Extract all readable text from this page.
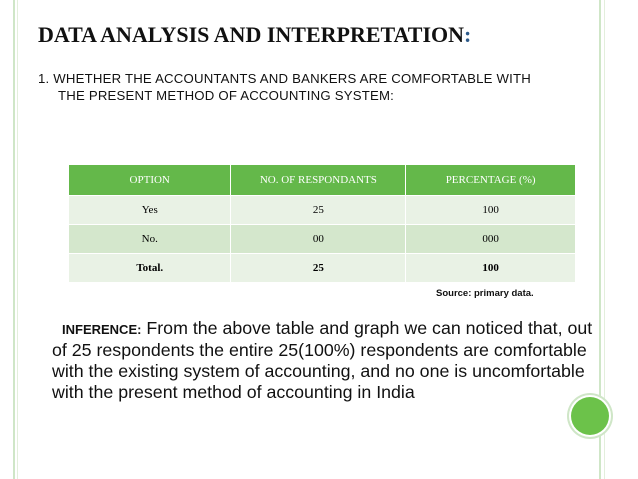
DATA ANALYSIS AND INTERPRETATION:
1. WHETHER THE ACCOUNTANTS AND BANKERS ARE COMFORTABLE WITH
THE PRESENT METHOD OF ACCOUNTING SYSTEM:
OPTION	NO. OF RESPONDANTS	PERCENTAGE (%)
Yes	25	100
No.	00	000
Total.	25	100
Source: primary data.
INFERENCE: From the above table and graph we can noticed that, out of 25 respondents the entire 25(100%) respondents are comfortable with the existing system of accounting, and no one is uncomfortable with the present method of accounting in India
